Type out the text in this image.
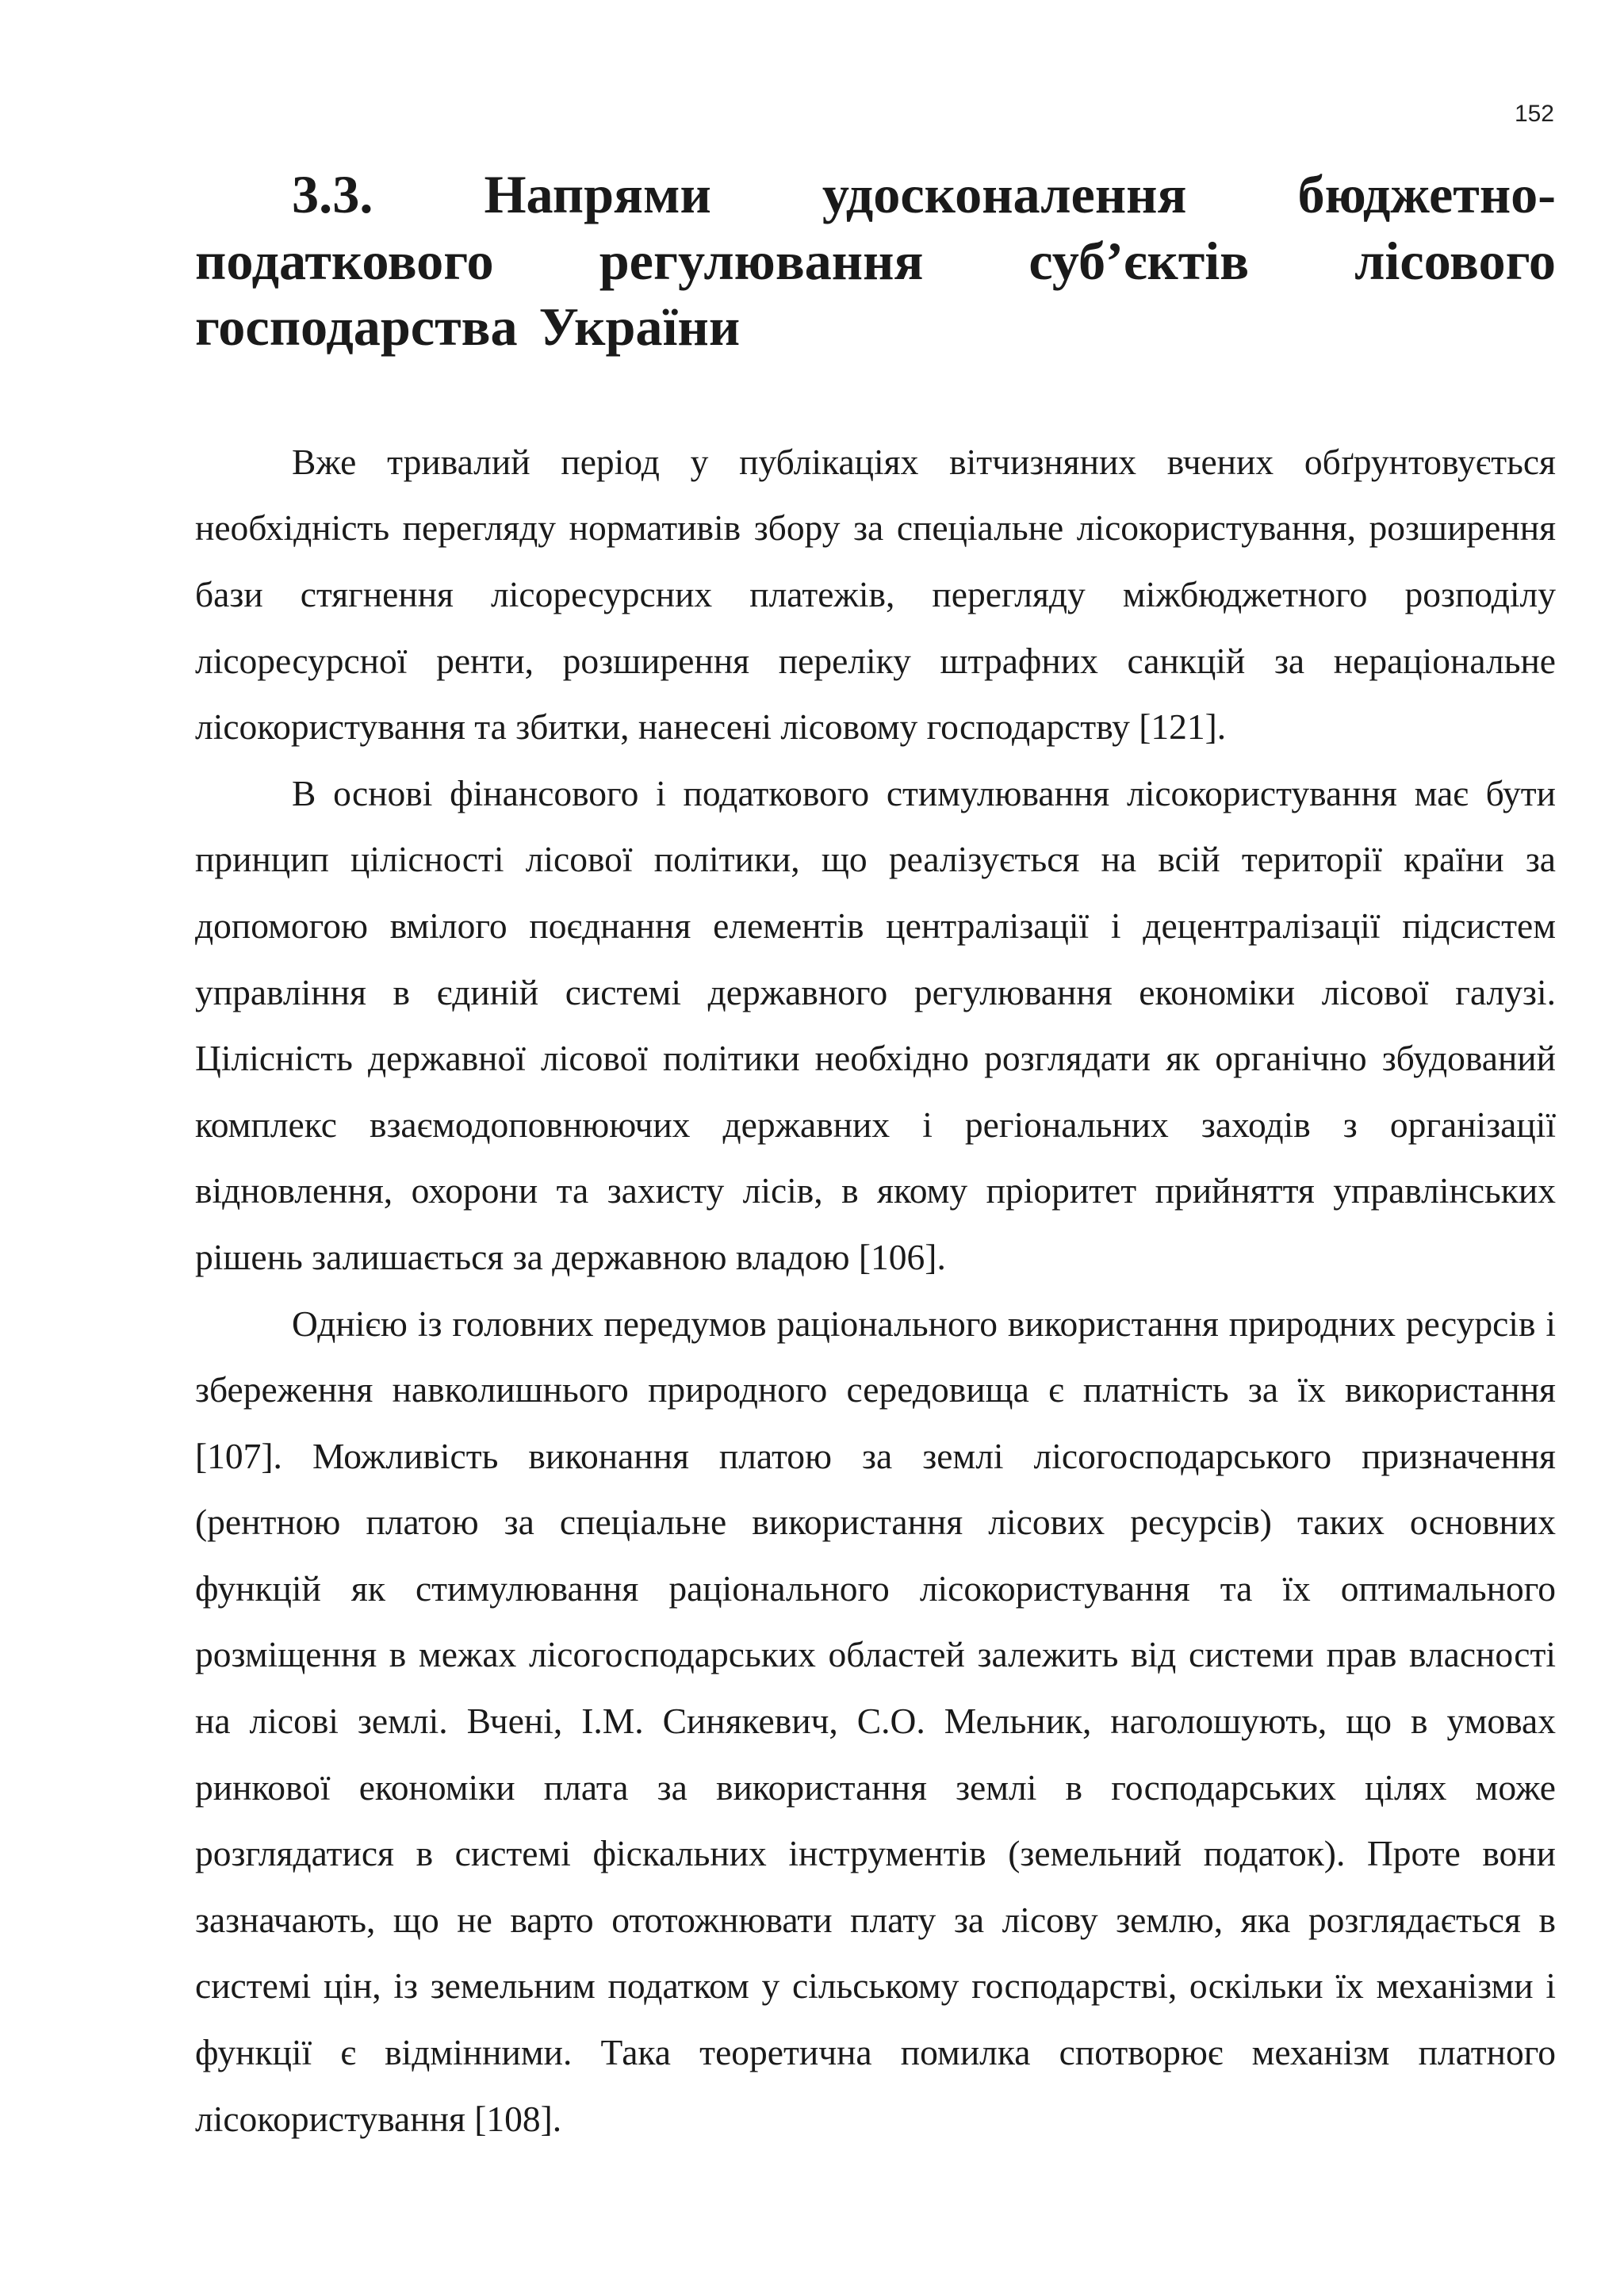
152
3.3. Напрями удосконалення бюджетно-податкового регулювання суб’єктів лісового господарства України

Вже тривалий період у публікаціях вітчизняних вчених обґрунтовується необхідність перегляду нормативів збору за спеціальне лісокористування, розширення бази стягнення лісоресурсних платежів, перегляду міжбюджетного розподілу лісоресурсної ренти, розширення переліку штрафних санкцій за нераціональне лісокористування та збитки, нанесені лісовому господарству [121].

В основі фінансового і податкового стимулювання лісокористування має бути принцип цілісності лісової політики, що реалізується на всій території країни за допомогою вмілого поєднання елементів централізації і децентралізації підсистем управління в єдиній системі державного регулювання економіки лісової галузі. Цілісність державної лісової політики необхідно розглядати як органічно збудований комплекс взаємодоповнюючих державних і регіональних заходів з організації відновлення, охорони та захисту лісів, в якому пріоритет прийняття управлінських рішень залишається за державною владою [106].

Однією із головних передумов раціонального використання природних ресурсів і збереження навколишнього природного середовища є платність за їх використання [107]. Можливість виконання платою за землі лісогосподарського призначення (рентною платою за спеціальне використання лісових ресурсів) таких основних функцій як стимулювання раціонального лісокористування та їх оптимального розміщення в межах лісогосподарських областей залежить від системи прав власності на лісові землі. Вчені, І.М. Синякевич, С.О. Мельник, наголошують, що в умовах ринкової економіки плата за використання землі в господарських цілях може розглядатися в системі фіскальних інструментів (земельний податок). Проте вони зазначають, що не варто ототожнювати плату за лісову землю, яка розглядається в системі цін, із земельним податком у сільському господарстві, оскільки їх механізми і функції є відмінними. Така теоретична помилка спотворює механізм платного лісокористування [108].
